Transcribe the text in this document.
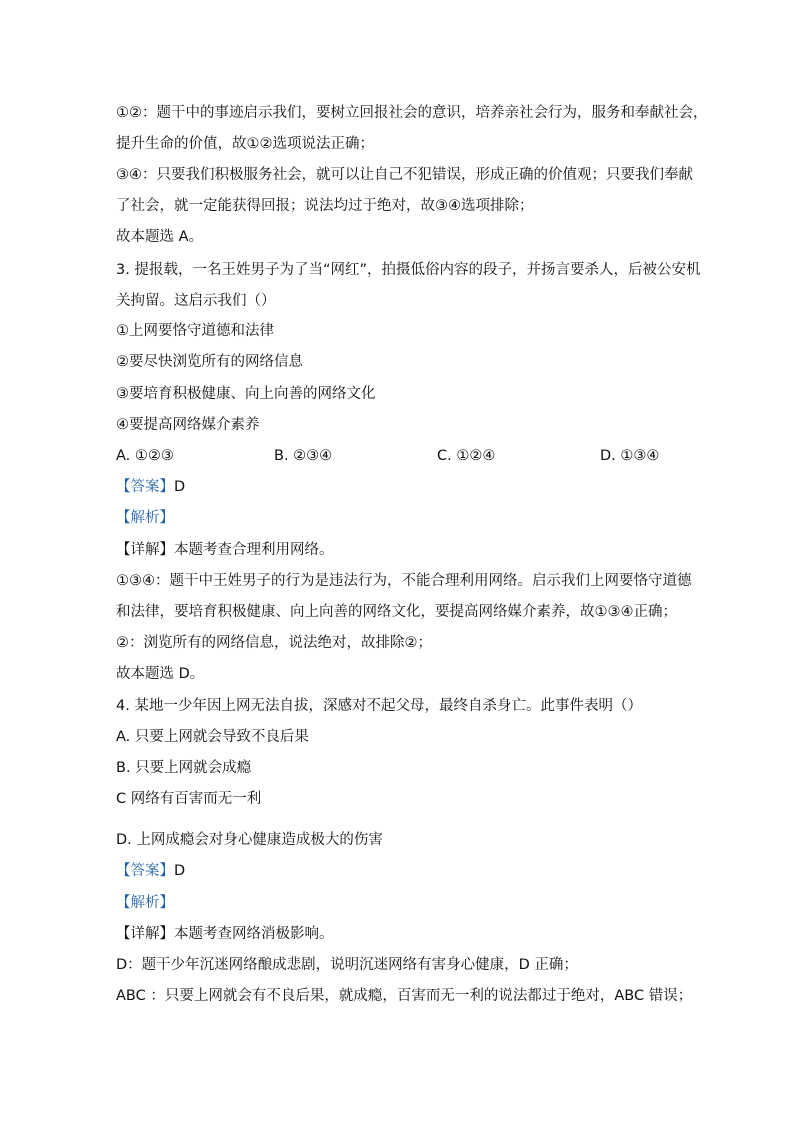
①②：题干中的事迹启示我们，要树立回报社会的意识，培养亲社会行为，服务和奉献社会，
提升生命的价值，故①②选项说法正确；
③④：只要我们积极服务社会，就可以让自己不犯错误，形成正确的价值观；只要我们奉献
了社会，就一定能获得回报；说法均过于绝对，故③④选项排除；
故本题选 A。
3. 提报载，一名王姓男子为了当“网红”，拍摄低俗内容的段子，并扬言要杀人，后被公安机
关拘留。这启示我们（）
①上网要恪守道德和法律
②要尽快浏览所有的网络信息
③要培育积极健康、向上向善的网络文化
④要提高网络媒介素养
A. ①②③	B. ②③④	C. ①②④	D. ①③④
【答案】D
【解析】
【详解】本题考查合理利用网络。
①③④：题干中王姓男子的行为是违法行为，不能合理利用网络。启示我们上网要恪守道德
和法律，要培育积极健康、向上向善的网络文化，要提高网络媒介素养，故①③④正确；
②：浏览所有的网络信息，说法绝对，故排除②；
故本题选 D。
4. 某地一少年因上网无法自拔，深感对不起父母，最终自杀身亡。此事件表明（）
A. 只要上网就会导致不良后果
B. 只要上网就会成瘾
C 网络有百害而无一利
D. 上网成瘾会对身心健康造成极大的伤害
【答案】D
【解析】
【详解】本题考查网络消极影响。
D：题干少年沉迷网络酿成悲剧，说明沉迷网络有害身心健康，D 正确；
ABC ：只要上网就会有不良后果，就成瘾，百害而无一利的说法都过于绝对，ABC 错误；
